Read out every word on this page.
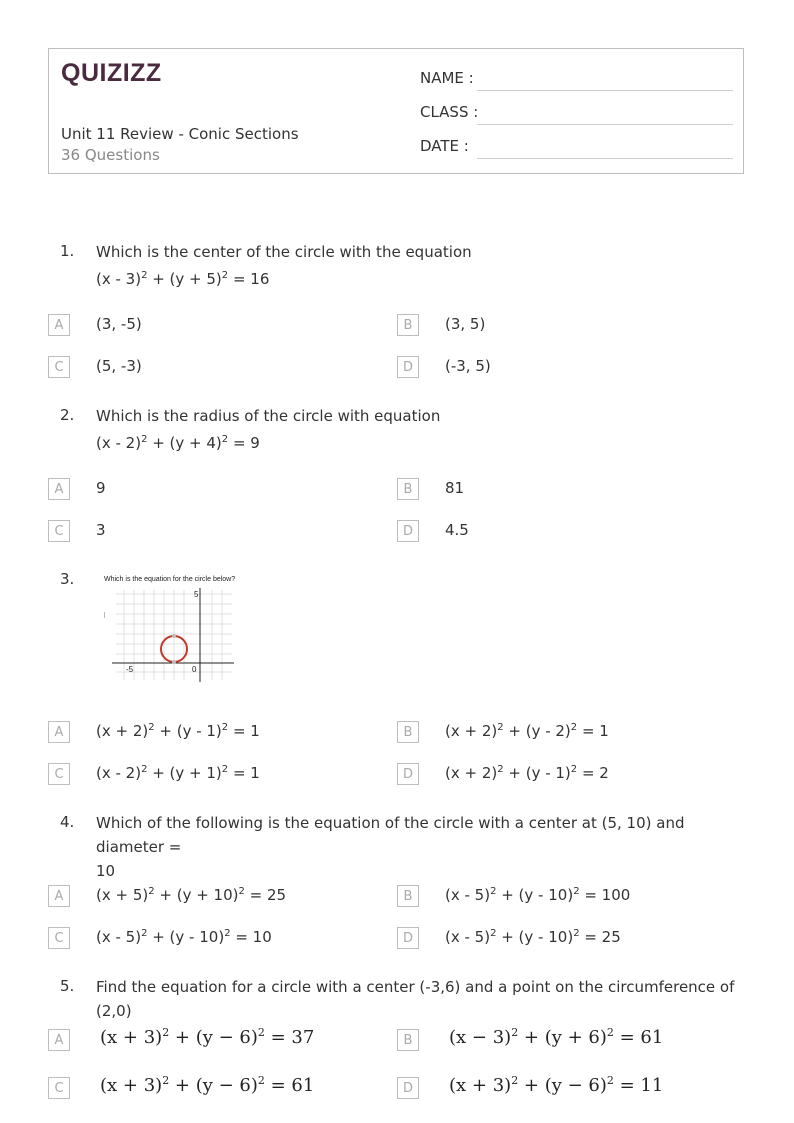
QUIZIZZ
Unit 11 Review - Conic Sections
36 Questions
NAME :
CLASS :
DATE :
1. Which is the center of the circle with the equation
$(x - 3)^2 + (y + 5)^2 = 16$
A	(3, -5)	B	(3, 5)
C	(5, -3)	D	(-3, 5)
2. Which is the radius of the circle with equation
$(x - 2)^2 + (y + 4)^2 = 9$
A	9	B	81
C	3	D	4.5
3.	Which is the equation for the circle below?
5
-5	0
A	$(x + 2)^2 + (y - 1)^2 = 1$	B	$(x + 2)^2 + (y - 2)^2 = 1$
C	$(x - 2)^2 + (y + 1)^2 = 1$	D	$(x + 2)^2 + (y - 1)^2 = 2$
4. Which of the following is the equation of the circle with a center at (5, 10) and diameter =
10
A	$(x + 5)^2 + (y + 10)^2 = 25$	B	(x - 5)$^2$ + (y - 10)$^2$ = 100
C	(x - 5)$^2$ + (y - 10)$^2$ = 10	D	(x - 5)$^2$ + (y - 10)$^2$ = 25
5. Find the equation for a circle with a center (-3,6) and a point on the circumference of (2,0)
A	$(x + 3)^2 + (y - 6)^2 = 37$	B	$(x - 3)^2 + (y + 6)^2 = 61$
C	$(x + 3)^2 + (y - 6)^2 = 61$	D	$(x + 3)^2 + (y - 6)^2 = 11$
